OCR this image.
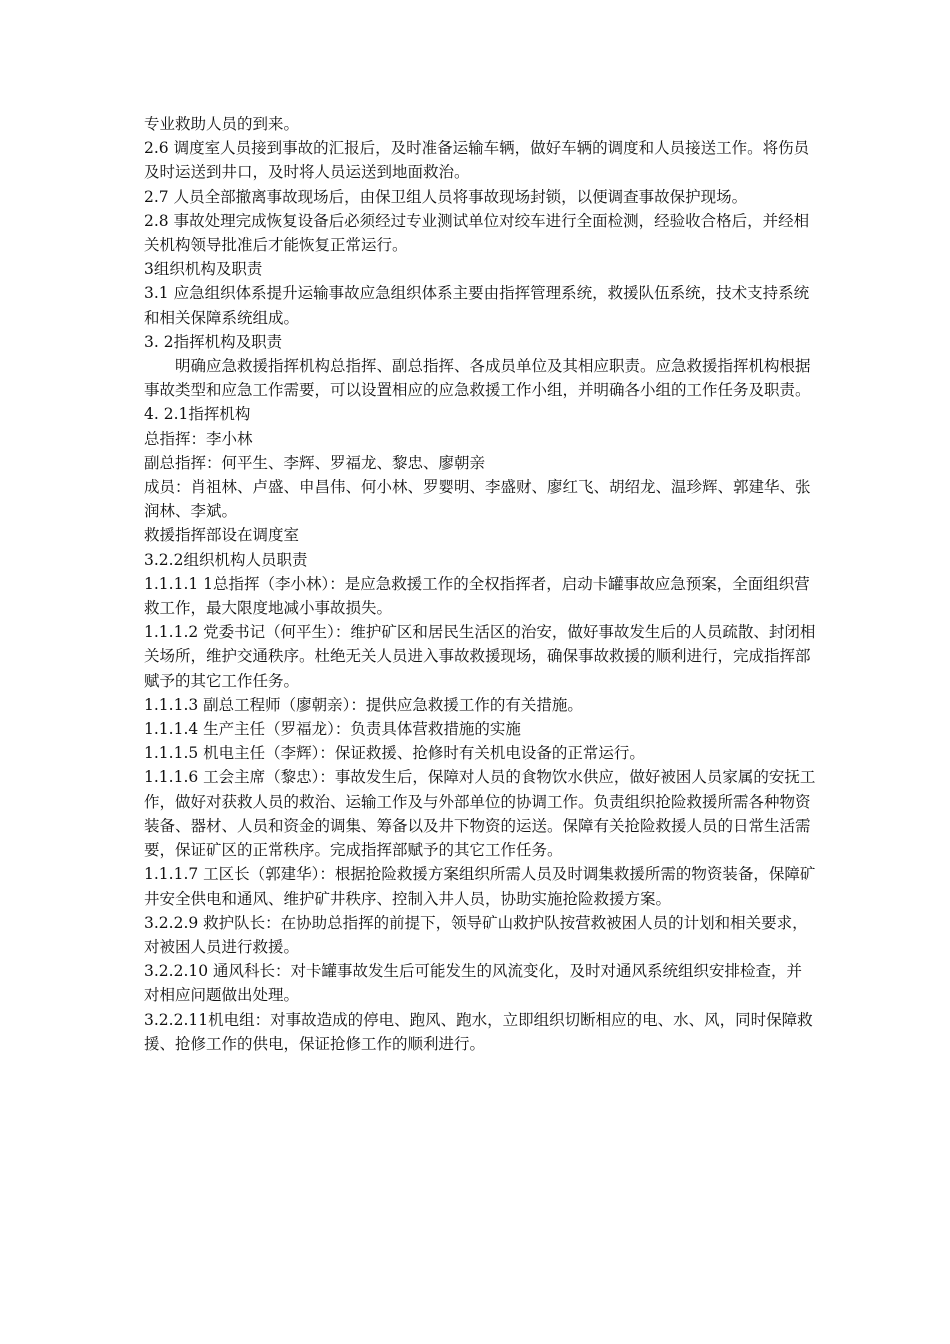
专业救助人员的到来。

2.6 调度室人员接到事故的汇报后，及时准备运输车辆，做好车辆的调度和人员接送工作。将伤员及时运送到井口，及时将人员运送到地面救治。

2.7 人员全部撤离事故现场后，由保卫组人员将事故现场封锁，以便调查事故保护现场。

2.8 事故处理完成恢复设备后必须经过专业测试单位对绞车进行全面检测，经验收合格后，并经相关机构领导批准后才能恢复正常运行。

3组织机构及职责

3.1 应急组织体系提升运输事故应急组织体系主要由指挥管理系统，救援队伍系统，技术支持系统和相关保障系统组成。

3. 2指挥机构及职责

明确应急救援指挥机构总指挥、副总指挥、各成员单位及其相应职责。应急救援指挥机构根据事故类型和应急工作需要，可以设置相应的应急救援工作小组，并明确各小组的工作任务及职责。

4. 2.1指挥机构

总指挥：李小林

副总指挥：何平生、李辉、罗福龙、黎忠、廖朝亲

成员：肖祖林、卢盛、申昌伟、何小林、罗婴明、李盛财、廖红飞、胡绍龙、温珍辉、郭建华、张润林、李斌。

救援指挥部设在调度室

3.2.2组织机构人员职责

1.1.1.1 1总指挥（李小林）：是应急救援工作的全权指挥者，启动卡罐事故应急预案，全面组织营救工作，最大限度地减小事故损失。

1.1.1.2 党委书记（何平生）：维护矿区和居民生活区的治安，做好事故发生后的人员疏散、封闭相关场所，维护交通秩序。杜绝无关人员进入事故救援现场，确保事故救援的顺利进行，完成指挥部赋予的其它工作任务。

1.1.1.3 副总工程师（廖朝亲）：提供应急救援工作的有关措施。

1.1.1.4 生产主任（罗福龙）：负责具体营救措施的实施

1.1.1.5 机电主任（李辉）：保证救援、抢修时有关机电设备的正常运行。

1.1.1.6 工会主席（黎忠）：事故发生后，保障对人员的食物饮水供应，做好被困人员家属的安抚工作，做好对获救人员的救治、运输工作及与外部单位的协调工作。负责组织抢险救援所需各种物资装备、器材、人员和资金的调集、筹备以及井下物资的运送。保障有关抢险救援人员的日常生活需要，保证矿区的正常秩序。完成指挥部赋予的其它工作任务。

1.1.1.7 工区长（郭建华）：根据抢险救援方案组织所需人员及时调集救援所需的物资装备，保障矿井安全供电和通风、维护矿井秩序、控制入井人员，协助实施抢险救援方案。

3.2.2.9 救护队长：在协助总指挥的前提下，领导矿山救护队按营救被困人员的计划和相关要求，对被困人员进行救援。

3.2.2.10 通风科长：对卡罐事故发生后可能发生的风流变化，及时对通风系统组织安排检查，并对相应问题做出处理。

3.2.2.11机电组：对事故造成的停电、跑风、跑水，立即组织切断相应的电、水、风，同时保障救援、抢修工作的供电，保证抢修工作的顺利进行。
